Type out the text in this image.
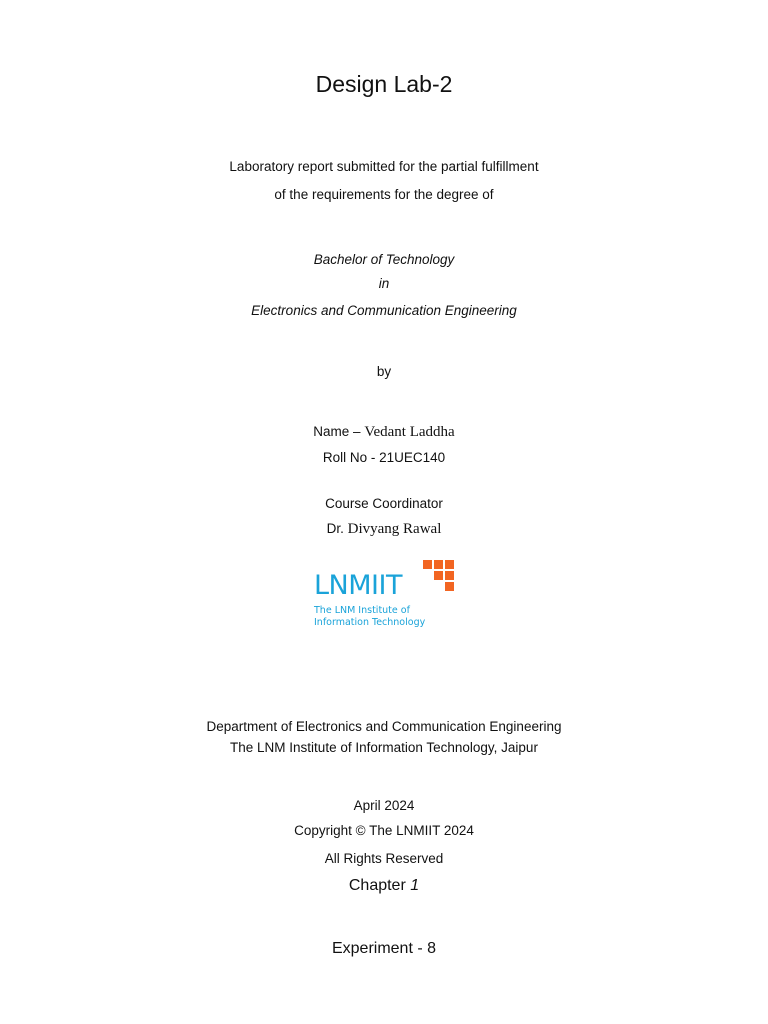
Design Lab-2
Laboratory report submitted for the partial fulfillment
of the requirements for the degree of
Bachelor of Technology
in
Electronics and Communication Engineering
by
Name – Vedant Laddha
Roll No - 21UEC140
Course Coordinator
Dr. Divyang Rawal
LNMIIT
The LNM Institute of
Information Technology
Department of Electronics and Communication Engineering
The LNM Institute of Information Technology, Jaipur
April 2024
Copyright © The LNMIIT 2024
All Rights Reserved
Chapter 1
Experiment - 8
